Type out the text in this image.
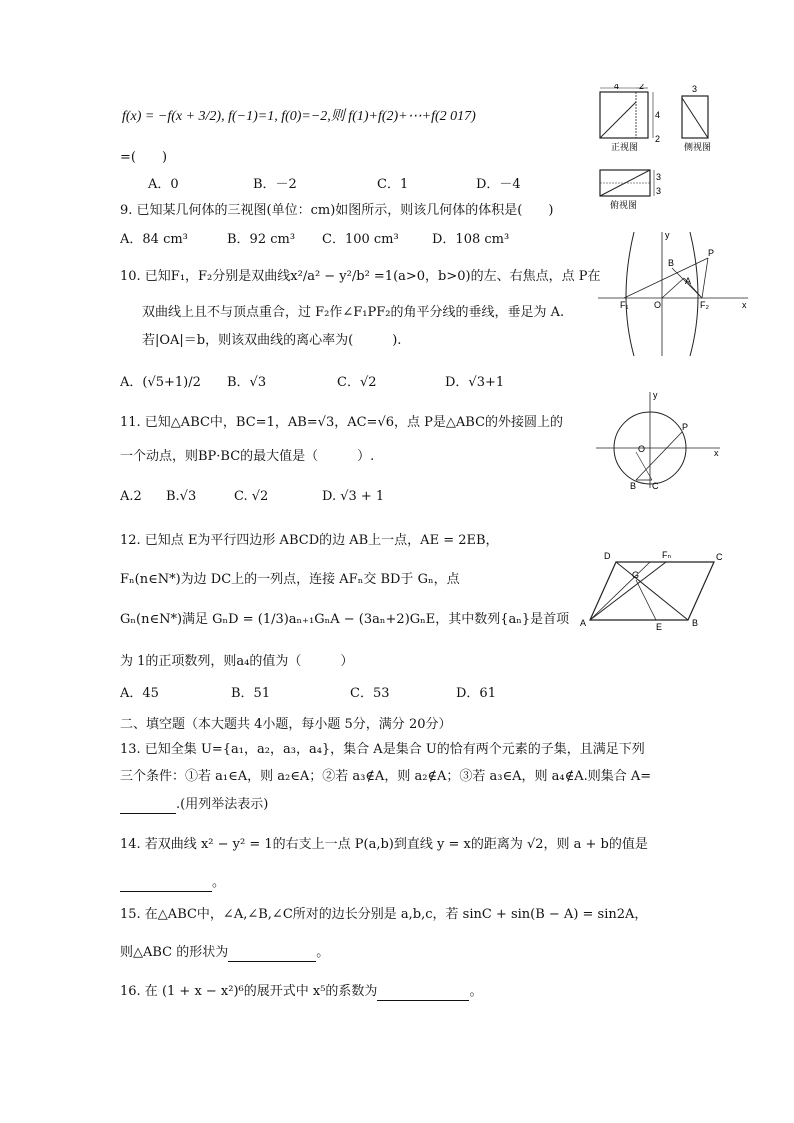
f(x) = −f(x + 3/2), f(−1)=1, f(0)=−2,则 f(1)+f(2)+⋯+f(2 017)
=(　　)
A．0	B．－2	C．1	D．－4
4 2
4
2
正视图
3
侧视图
3
3
俯视图
9. 已知某几何体的三视图(单位：cm)如图所示，则该几何体的体积是(　　)
A．84 cm³	B．92 cm³ C．100 cm³	D．108 cm³
10. 已知F₁，F₂分别是双曲线x²/a² − y²/b² =1(a>0，b>0)的左、右焦点，点 P在
双曲线上且不与顶点重合，过 F₂作∠F₁PF₂的角平分线的垂线，垂足为 A.
若|OA|＝b，则该双曲线的离心率为(　　　).
A．(√5+1)/2 B．√3	C．√2	D．√3+1
F₁	O	F₂
P
A
B
x
y
11. 已知△ABC中，BC=1，AB=√3，AC=√6，点 P是△ABC的外接圆上的
一个动点，则BP·BC的最大值是（　　　）.
A.2 B.√3	C. √2	D. √3 + 1
y
O
P
x
B C
12. 已知点 E为平行四边形 ABCD的边 AB上一点，AE = 2EB，
Fₙ(n∈N*)为边 DC上的一列点，连接 AFₙ交 BD于 Gₙ，点
Gₙ(n∈N*)满足 GₙD = (1/3)aₙ₊₁GₙA − (3aₙ+2)GₙE，其中数列{aₙ}是首项
为 1的正项数列，则a₄的值为（　　　）
A．45	B．51	C．53	D．61
D	Fₙ	C
G
A	E	B
二、填空题（本大题共 4小题，每小题 5分，满分 20分）
13. 已知全集 U={a₁，a₂，a₃，a₄}，集合 A是集合 U的恰有两个元素的子集，且满足下列
三个条件：①若 a₁∈A，则 a₂∈A；②若 a₃∉A，则 a₂∉A；③若 a₃∈A，则 a₄∉A.则集合 A=
.(用列举法表示)
14. 若双曲线 x² − y² = 1的右支上一点 P(a,b)到直线 y = x的距离为 √2，则 a + b的值是
。
15. 在△ABC中，∠A,∠B,∠C所对的边长分别是 a,b,c，若 sinC + sin(B − A) = sin2A，
则△ABC 的形状为	。
16. 在 (1 + x − x²)⁶的展开式中 x⁵的系数为	。
